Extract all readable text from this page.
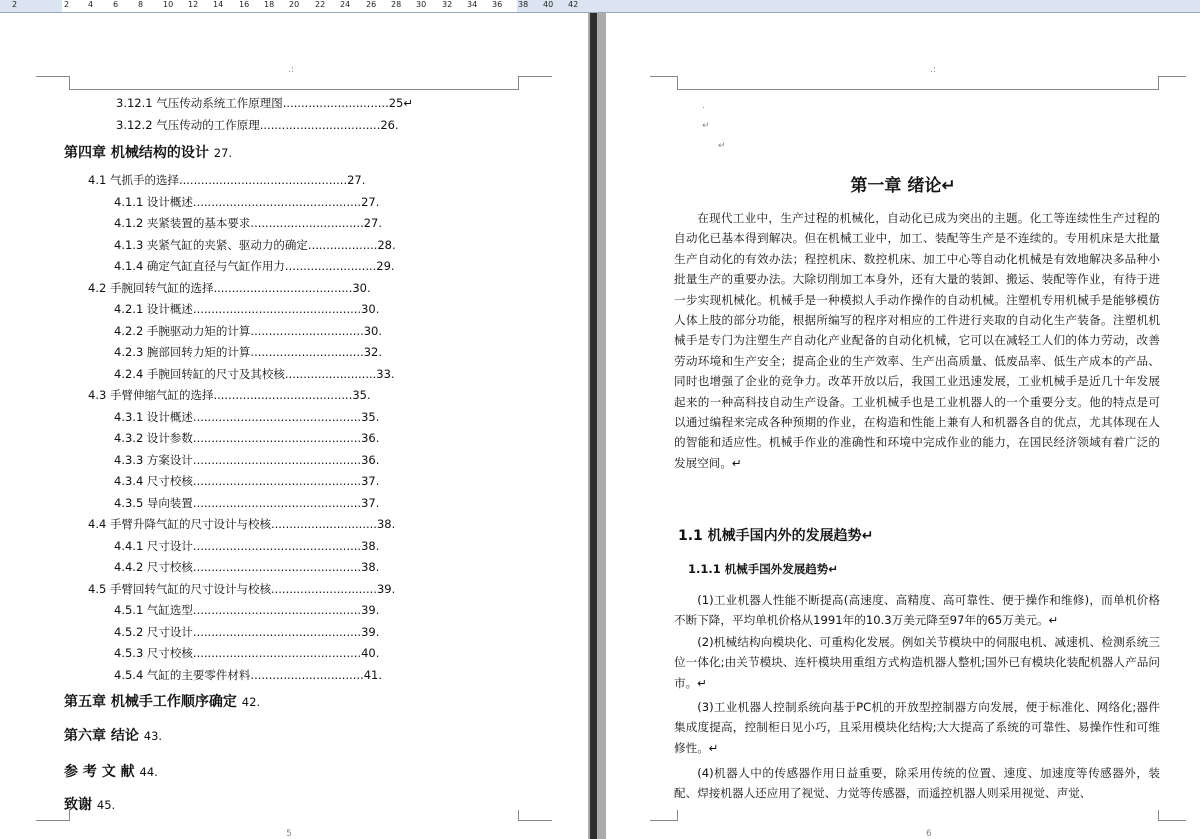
2	2 4 6 8 10 12 14 16 18 20 22 24 26 28 30 32 34 36 38 40 42
.:
3.12.1 气压传动系统工作原理图.............................25↵
3.12.2 气压传动的工作原理.................................26.
第四章 机械结构的设计 27.
4.1 气抓手的选择..............................................27.
4.1.1 设计概述..............................................27.
4.1.2 夹紧装置的基本要求...............................27.
4.1.3 夹紧气缸的夹紧、驱动力的确定...................28.
4.1.4 确定气缸直径与气缸作用力.........................29.
4.2 手腕回转气缸的选择......................................30.
4.2.1 设计概述..............................................30.
4.2.2 手腕驱动力矩的计算...............................30.
4.2.3 腕部回转力矩的计算...............................32.
4.2.4 手腕回转缸的尺寸及其校核.........................33.
4.3 手臂伸缩气缸的选择......................................35.
4.3.1 设计概述..............................................35.
4.3.2 设计参数..............................................36.
4.3.3 方案设计..............................................36.
4.3.4 尺寸校核..............................................37.
4.3.5 导向装置..............................................37.
4.4 手臂升降气缸的尺寸设计与校核.............................38.
4.4.1 尺寸设计..............................................38.
4.4.2 尺寸校核..............................................38.
4.5 手臂回转气缸的尺寸设计与校核.............................39.
4.5.1 气缸选型..............................................39.
4.5.2 尺寸设计..............................................39.
4.5.3 尺寸校核..............................................40.
4.5.4 气缸的主要零件材料...............................41.
第五章 机械手工作顺序确定 42.
第六章 结论 43.
参 考 文 献 44.
致谢 45.
5
.:
.
↵
↵
第一章 绪论↵

在现代工业中，生产过程的机械化，自动化已成为突出的主题。化工等连续性生产过程的自动化已基本得到解决。但在机械工业中，加工、装配等生产是不连续的。专用机床是大批量生产自动化的有效办法；程控机床、数控机床、加工中心等自动化机械是有效地解决多品种小批量生产的重要办法。大除切削加工本身外，还有大量的装卸、搬运、装配等作业，有待于进一步实现机械化。机械手是一种模拟人手动作操作的自动机械。注塑机专用机械手是能够模仿人体上肢的部分功能，根据所编写的程序对相应的工件进行夹取的自动化生产装备。注塑机机械手是专门为注塑生产自动化产业配备的自动化机械，它可以在减轻工人们的体力劳动，改善劳动环境和生产安全；提高企业的生产效率、生产出高质量、低废品率、低生产成本的产品、同时也增强了企业的竞争力。改革开放以后，我国工业迅速发展，工业机械手是近几十年发展起来的一种高科技自动生产设备。工业机械手也是工业机器人的一个重要分支。他的特点是可以通过编程来完成各种预期的作业，在构造和性能上兼有人和机器各自的优点，尤其体现在人的智能和适应性。机械手作业的准确性和环境中完成作业的能力，在国民经济领域有着广泛的发展空间。↵

1.1 机械手国内外的发展趋势↵
1.1.1 机械手国外发展趋势↵

(1)工业机器人性能不断提高(高速度、高精度、高可靠性、便于操作和维修)，而单机价格不断下降，平均单机价格从1991年的10.3万美元降至97年的65万美元。↵

(2)机械结构向模块化、可重构化发展。例如关节模块中的伺服电机、减速机、检测系统三位一体化;由关节模块、连杆模块用重组方式构造机器人整机;国外已有模块化装配机器人产品问市。↵

(3)工业机器人控制系统向基于PC机的开放型控制器方向发展，便于标准化、网络化;器件集成度提高，控制柜日见小巧，且采用模块化结构;大大提高了系统的可靠性、易操作性和可维修性。↵

(4)机器人中的传感器作用日益重要，除采用传统的位置、速度、加速度等传感器外，装配、焊接机器人还应用了视觉、力觉等传感器，而遥控机器人则采用视觉、声觉、

6
